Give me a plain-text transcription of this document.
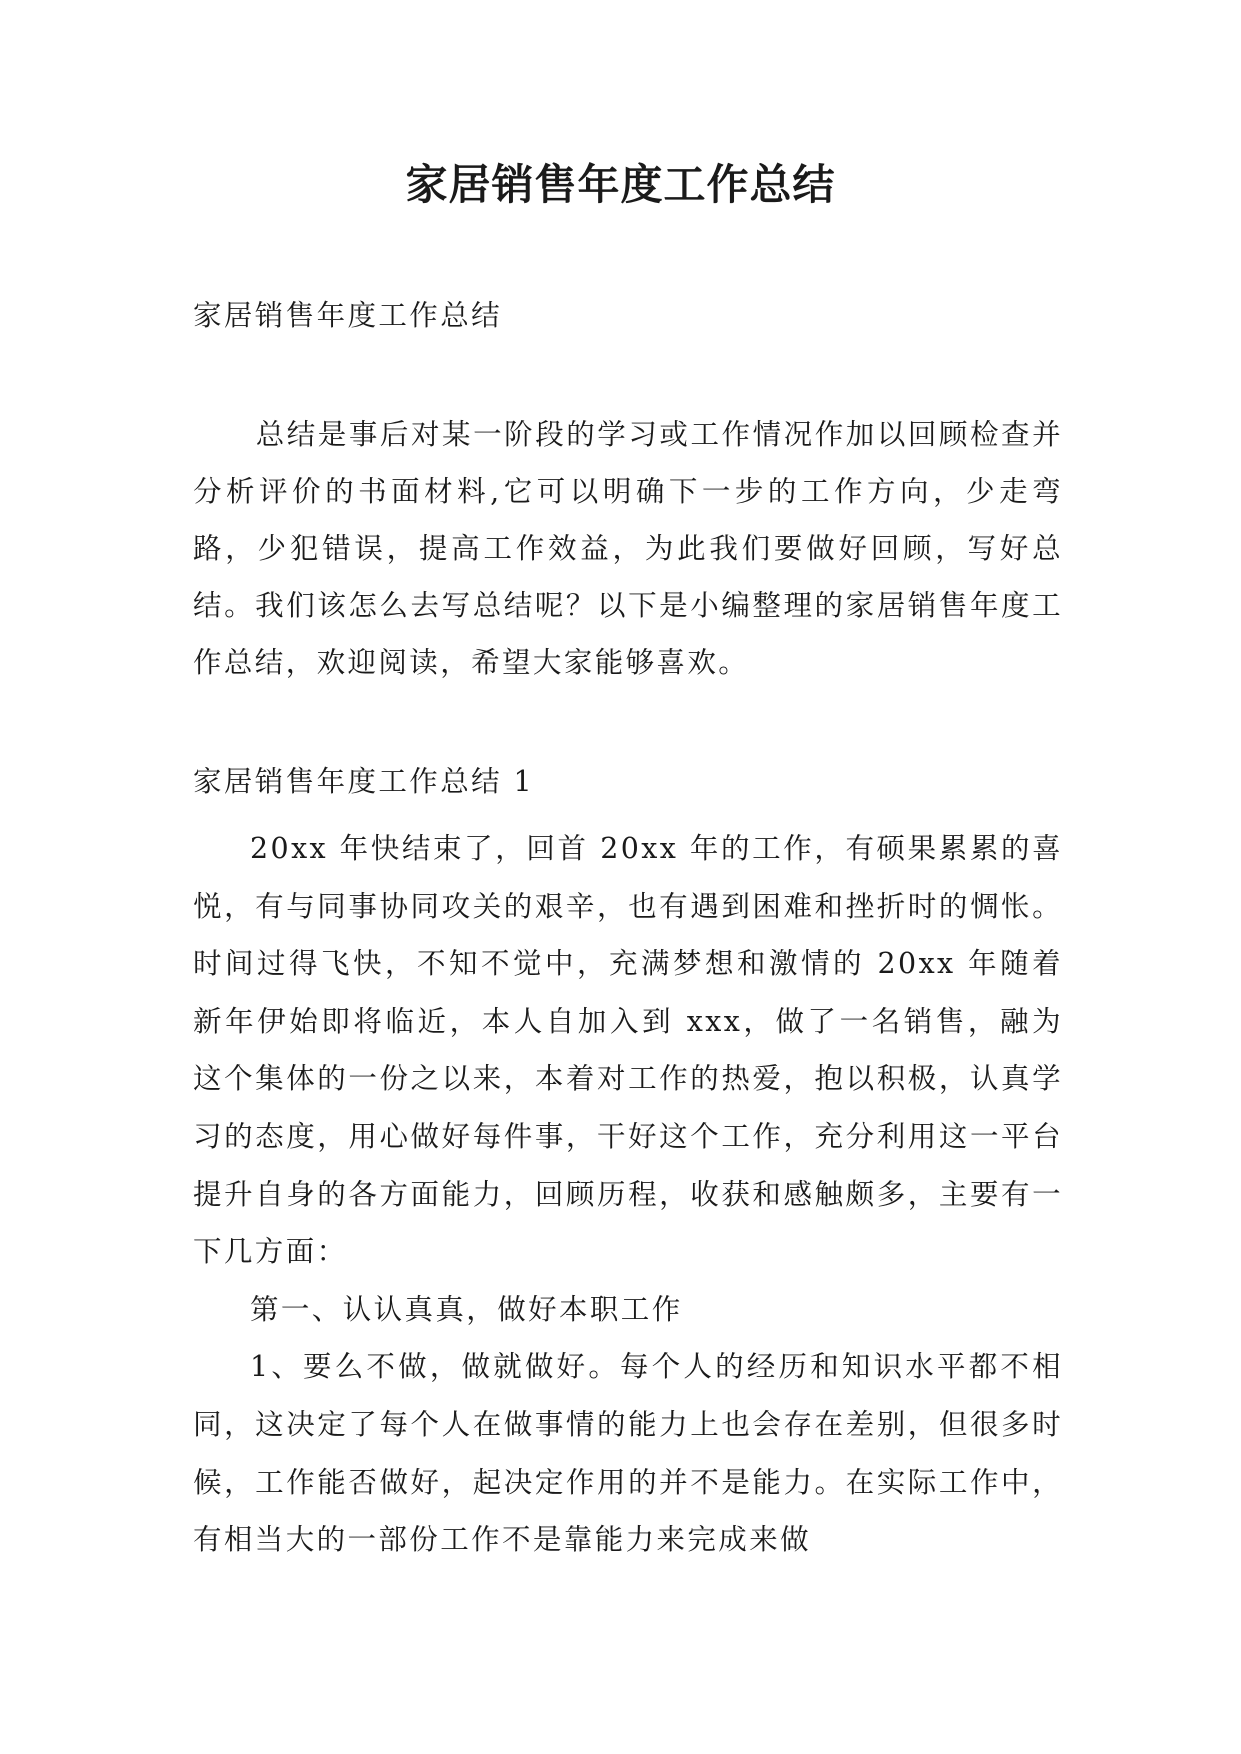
家居销售年度工作总结
家居销售年度工作总结

总结是事后对某一阶段的学习或工作情况作加以回顾检查并分析评价的书面材料,它可以明确下一步的工作方向，少走弯路，少犯错误，提高工作效益，为此我们要做好回顾，写好总结。我们该怎么去写总结呢？以下是小编整理的家居销售年度工作总结，欢迎阅读，希望大家能够喜欢。

家居销售年度工作总结 1

20xx 年快结束了，回首 20xx 年的工作，有硕果累累的喜悦，有与同事协同攻关的艰辛，也有遇到困难和挫折时的惆怅。时间过得飞快，不知不觉中，充满梦想和激情的 20xx 年随着新年伊始即将临近，本人自加入到 xxx，做了一名销售，融为这个集体的一份之以来，本着对工作的热爱，抱以积极，认真学习的态度，用心做好每件事，干好这个工作，充分利用这一平台提升自身的各方面能力，回顾历程，收获和感触颇多，主要有一下几方面：

第一、认认真真，做好本职工作

1、要么不做，做就做好。每个人的经历和知识水平都不相同，这决定了每个人在做事情的能力上也会存在差别，但很多时候，工作能否做好，起决定作用的并不是能力。在实际工作中，有相当大的一部份工作不是靠能力来完成来做
